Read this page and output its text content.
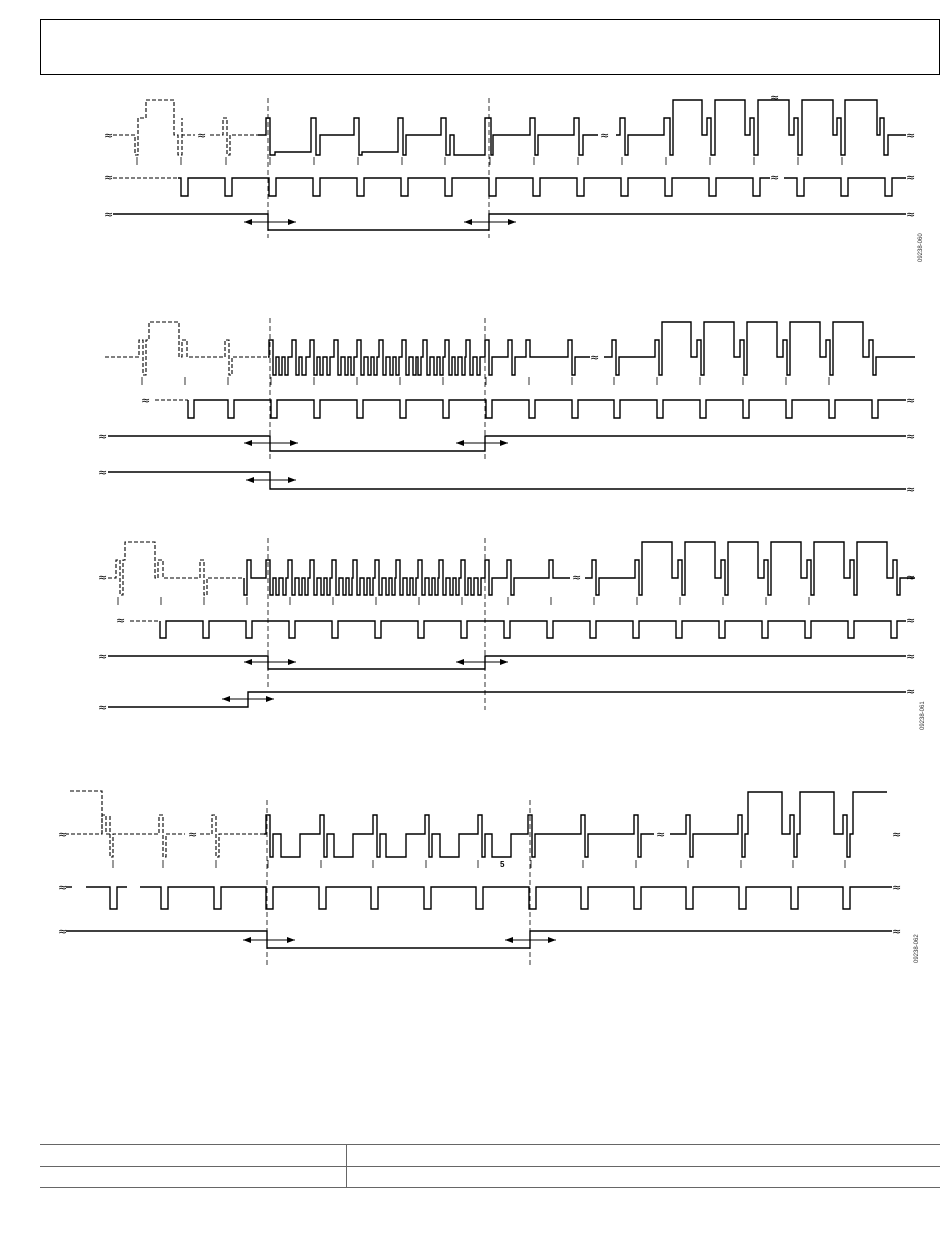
≈	≈	≈	≈
≈	≈
≈
≈
≈	≈
09238-060
≈
≈	≈
≈	≈
≈
≈
≈	≈	≈
≈	≈
≈	≈
≈
≈
09238-061
≈	≈	≈	≈
≈	≈
≈	≈
5
09238-062
